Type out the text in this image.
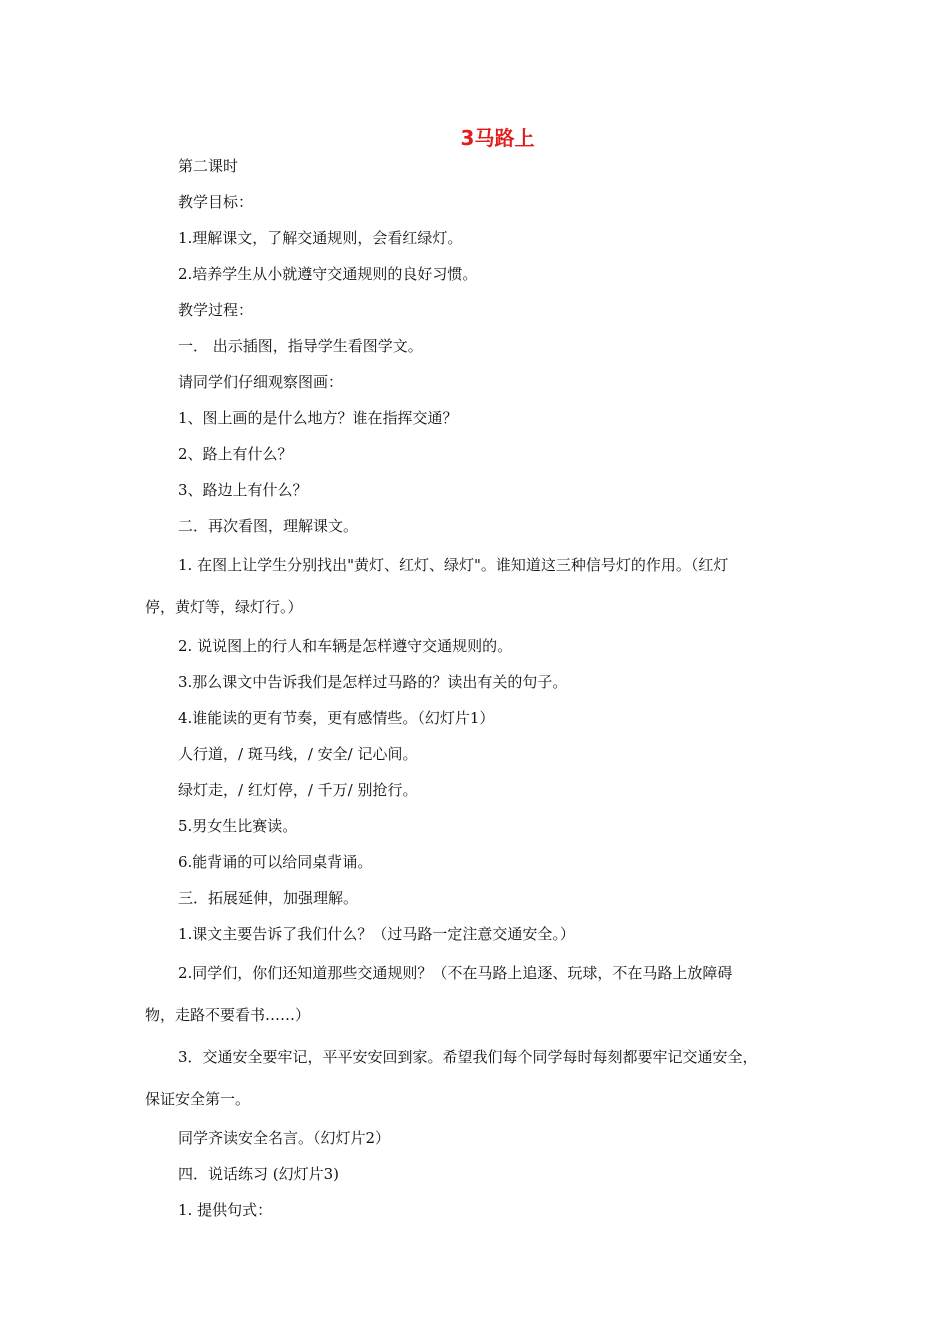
3马路上

第二课时

教学目标：

1.理解课文，了解交通规则，会看红绿灯。

2.培养学生从小就遵守交通规则的良好习惯。

教学过程：

一． 出示插图，指导学生看图学文。

请同学们仔细观察图画：

1、图上画的是什么地方？谁在指挥交通？

2、路上有什么？

3、路边上有什么？

二．再次看图，理解课文。

1. 在图上让学生分别找出"黄灯、红灯、绿灯"。谁知道这三种信号灯的作用。（红灯
停，黄灯等，绿灯行。）

2. 说说图上的行人和车辆是怎样遵守交通规则的。

3.那么课文中告诉我们是怎样过马路的？读出有关的句子。

4.谁能读的更有节奏，更有感情些。（幻灯片1）

人行道，/ 斑马线，/ 安全/ 记心间。

绿灯走，/ 红灯停，/ 千万/ 别抢行。

5.男女生比赛读。

6.能背诵的可以给同桌背诵。

三．拓展延伸，加强理解。

1.课文主要告诉了我们什么？（过马路一定注意交通安全。）

2.同学们，你们还知道那些交通规则？（不在马路上追逐、玩球，不在马路上放障碍
物，走路不要看书……）

3．交通安全要牢记，平平安安回到家。希望我们每个同学每时每刻都要牢记交通安全，
保证安全第一。

同学齐读安全名言。（幻灯片2）

四．说话练习 (幻灯片3)

1. 提供句式：
